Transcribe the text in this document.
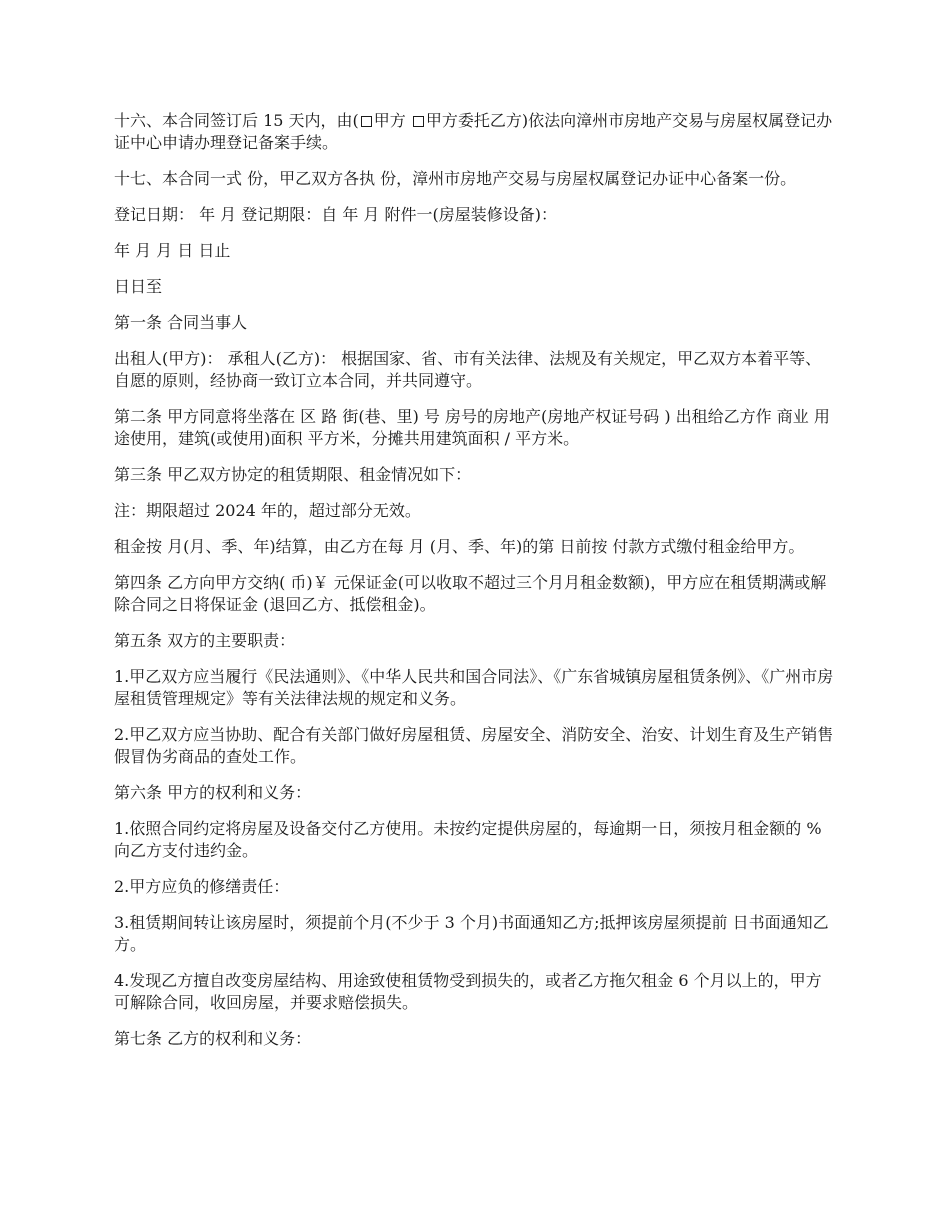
十六、本合同签订后 15 天内，由( 甲方 甲方委托乙方)依法向漳州市房地产交易与房屋权属登记办证中心申请办理登记备案手续。

十七、本合同一式 份，甲乙双方各执 份，漳州市房地产交易与房屋权属登记办证中心备案一份。

登记日期： 年 月 登记期限：自 年 月 附件一(房屋装修设备)：

年 月 月 日 日止

日日至

第一条 合同当事人

出租人(甲方)： 承租人(乙方)： 根据国家、省、市有关法律、法规及有关规定，甲乙双方本着平等、自愿的原则，经协商一致订立本合同，并共同遵守。

第二条 甲方同意将坐落在 区 路 街(巷、里) 号 房号的房地产(房地产权证号码 ) 出租给乙方作 商业 用途使用，建筑(或使用)面积 平方米，分摊共用建筑面积 / 平方米。

第三条 甲乙双方协定的租赁期限、租金情况如下：

注：期限超过 2024 年的，超过部分无效。

租金按 月(月、季、年)结算，由乙方在每 月 (月、季、年)的第 日前按 付款方式缴付租金给甲方。

第四条 乙方向甲方交纳( 币)￥ 元保证金(可以收取不超过三个月月租金数额)，甲方应在租赁期满或解除合同之日将保证金 (退回乙方、抵偿租金)。

第五条 双方的主要职责：

1.甲乙双方应当履行《民法通则》、《中华人民共和国合同法》、《广东省城镇房屋租赁条例》、《广州市房屋租赁管理规定》等有关法律法规的规定和义务。

2.甲乙双方应当协助、配合有关部门做好房屋租赁、房屋安全、消防安全、治安、计划生育及生产销售假冒伪劣商品的查处工作。

第六条 甲方的权利和义务：

1.依照合同约定将房屋及设备交付乙方使用。未按约定提供房屋的，每逾期一日，须按月租金额的 %向乙方支付违约金。

2.甲方应负的修缮责任：

3.租赁期间转让该房屋时，须提前个月(不少于 3 个月)书面通知乙方;抵押该房屋须提前 日书面通知乙方。

4.发现乙方擅自改变房屋结构、用途致使租赁物受到损失的，或者乙方拖欠租金 6 个月以上的，甲方可解除合同，收回房屋，并要求赔偿损失。

第七条 乙方的权利和义务：
